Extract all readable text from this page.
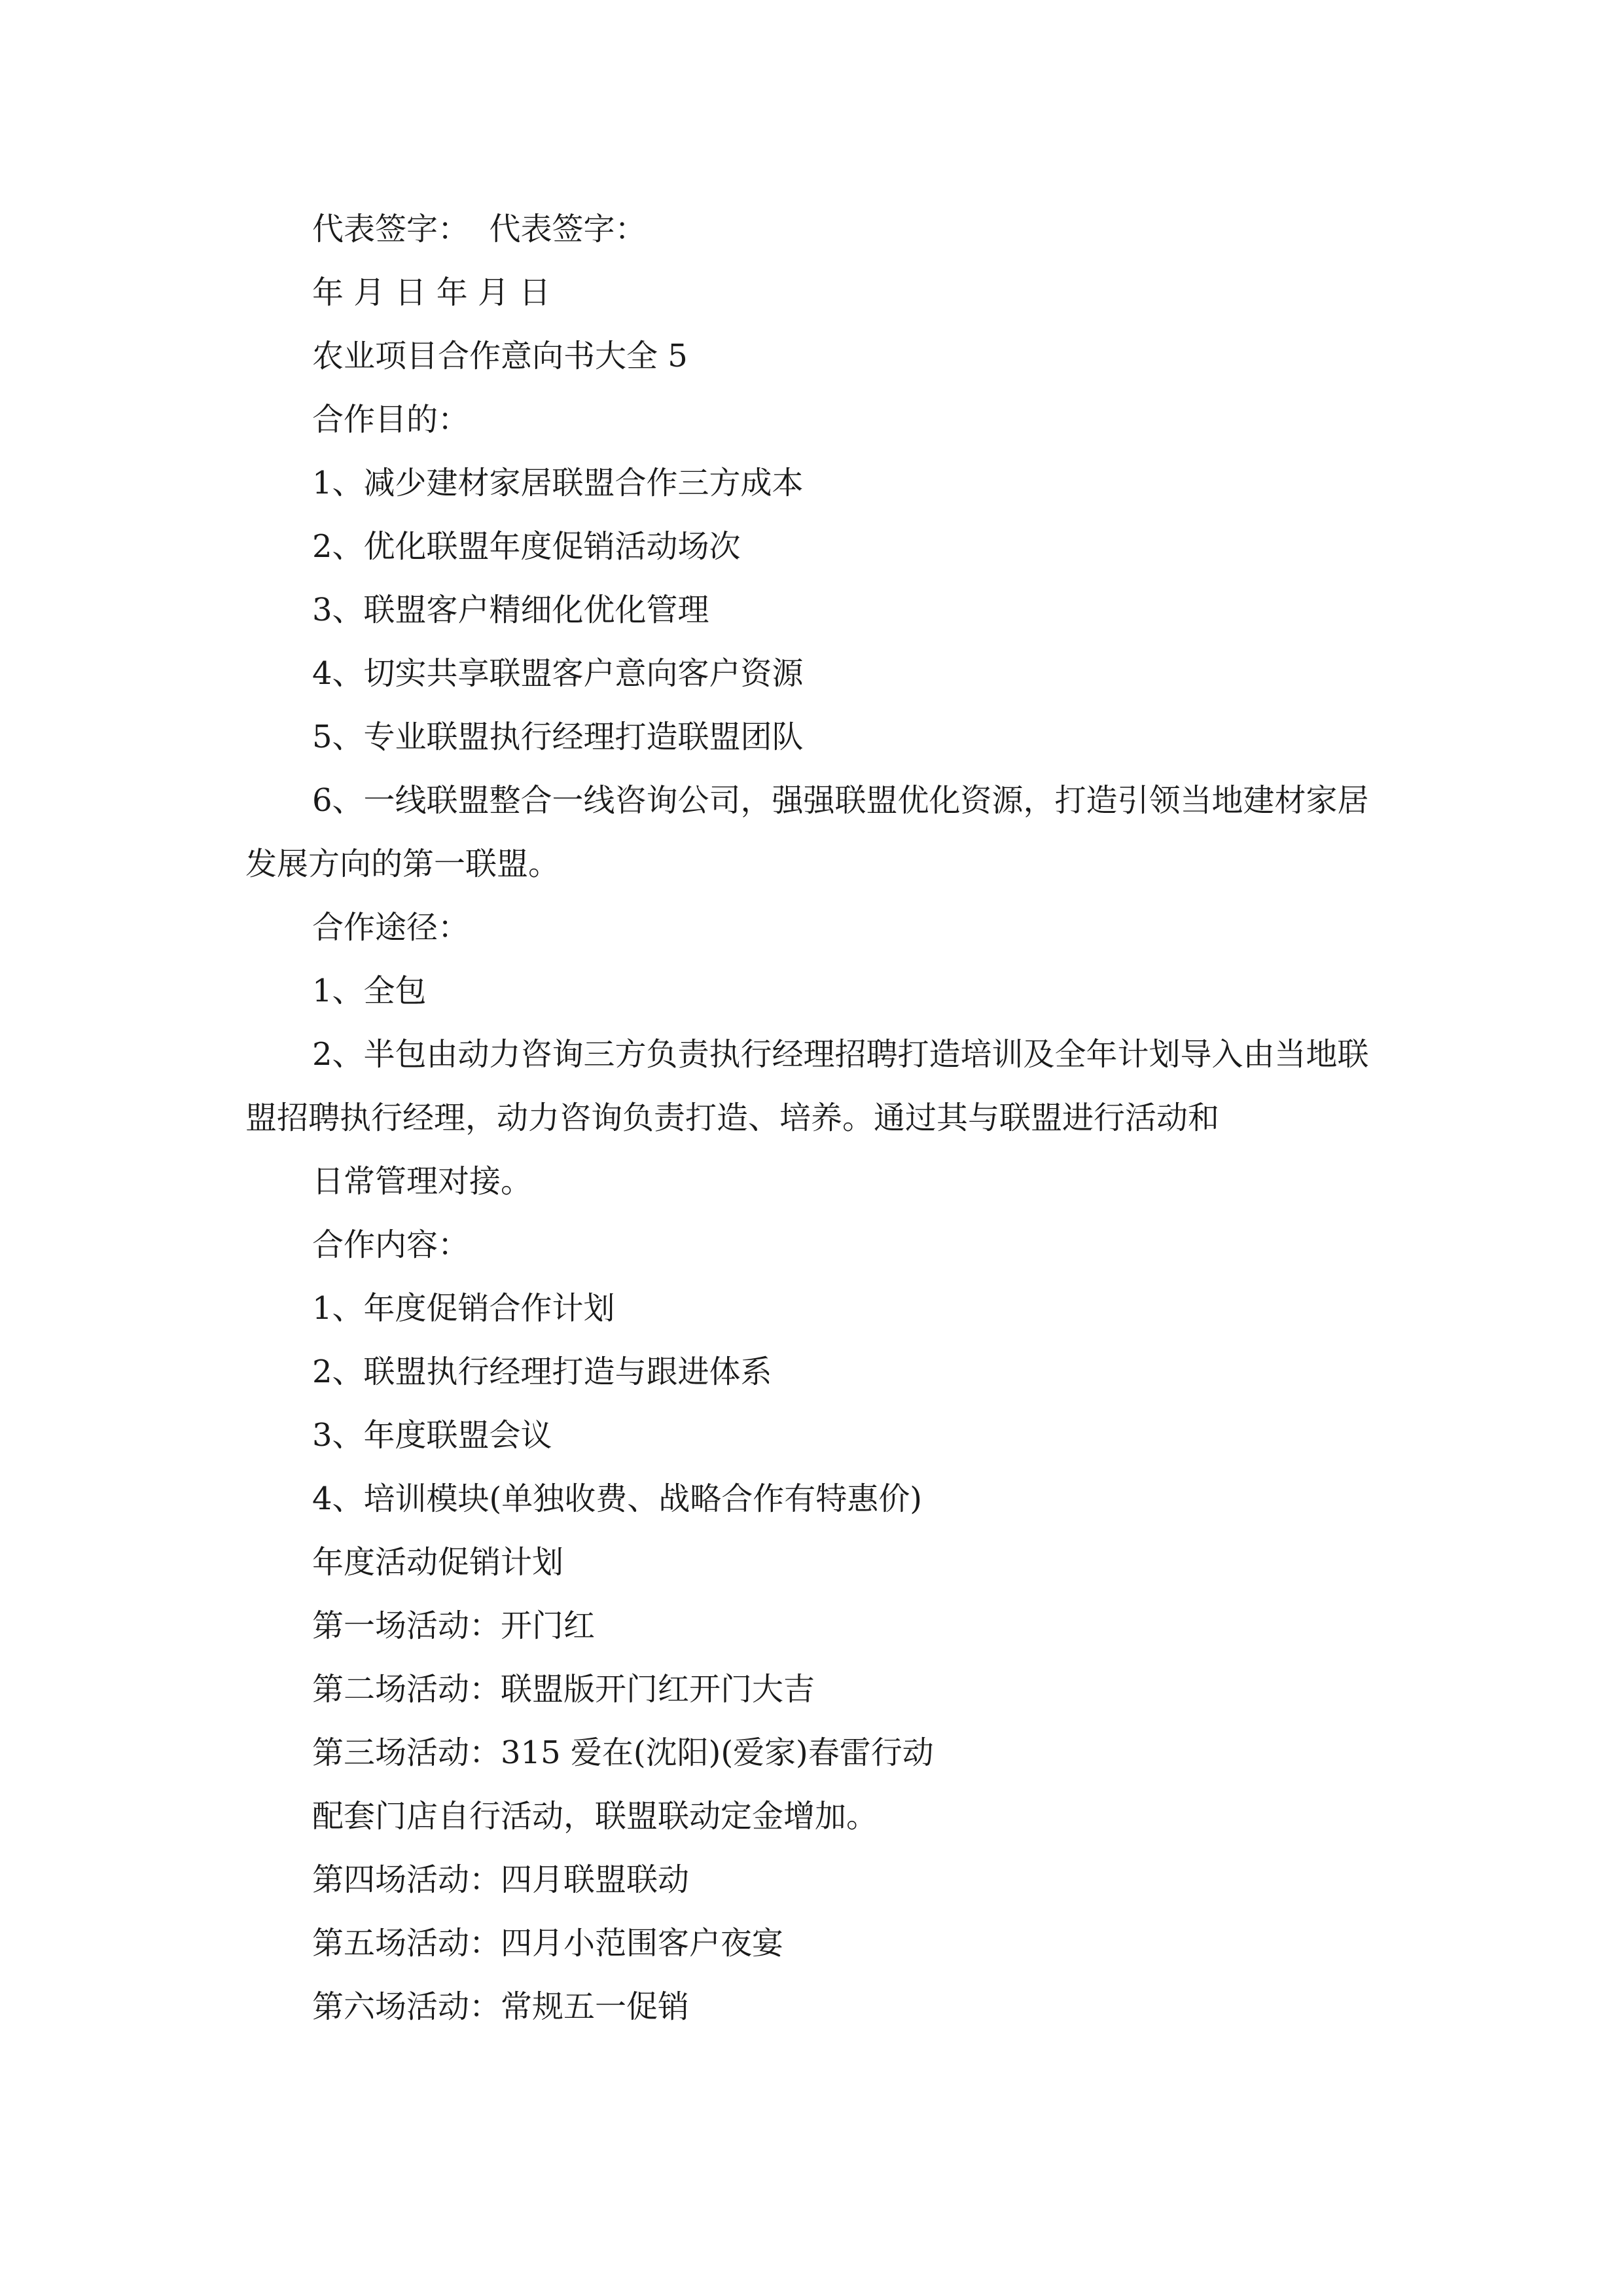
代表签字：  代表签字：
年 月 日 年 月 日
农业项目合作意向书大全 5
合作目的：
1、减少建材家居联盟合作三方成本
2、优化联盟年度促销活动场次
3、联盟客户精细化优化管理
4、切实共享联盟客户意向客户资源
5、专业联盟执行经理打造联盟团队
6、一线联盟整合一线咨询公司，强强联盟优化资源，打造引领当地建材家居发展方向的第一联盟。
合作途径：
1、全包
2、半包由动力咨询三方负责执行经理招聘打造培训及全年计划导入由当地联盟招聘执行经理，动力咨询负责打造、培养。通过其与联盟进行活动和
日常管理对接。
合作内容：
1、年度促销合作计划
2、联盟执行经理打造与跟进体系
3、年度联盟会议
4、培训模块(单独收费、战略合作有特惠价)
年度活动促销计划
第一场活动：开门红
第二场活动：联盟版开门红开门大吉
第三场活动：315 爱在(沈阳)(爱家)春雷行动
配套门店自行活动，联盟联动定金增加。
第四场活动：四月联盟联动
第五场活动：四月小范围客户夜宴
第六场活动：常规五一促销
